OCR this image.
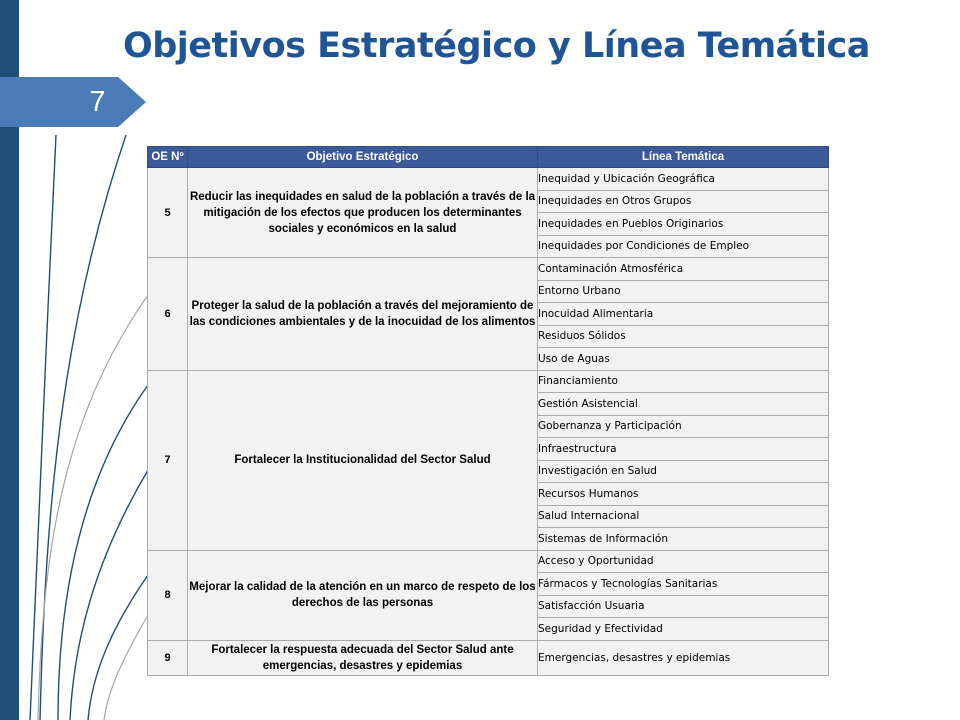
Objetivos Estratégico y Línea Temática
7
OE Nº	Objetivo Estratégico	Línea Temática
5	Reducir las inequidades en salud de la población a través de la mitigación de los efectos que producen los determinantes sociales y económicos en la salud	Inequidad y Ubicación Geográfica
		Inequidades en Otros Grupos
		Inequidades en Pueblos Originarios
		Inequidades por Condiciones de Empleo
6	Proteger la salud de la población a través del mejoramiento de las condiciones ambientales y de la inocuidad de los alimentos	Contaminación Atmosférica
		Entorno Urbano
		Inocuidad Alimentaria
		Residuos Sólidos
		Uso de Aguas
7	Fortalecer la Institucionalidad del Sector Salud	Financiamiento
		Gestión Asistencial
		Gobernanza y Participación
		Infraestructura
		Investigación en Salud
		Recursos Humanos
		Salud Internacional
		Sistemas de Información
8	Mejorar la calidad de la atención en un marco de respeto de los derechos de las personas	Acceso y Oportunidad
		Fármacos y Tecnologías Sanitarias
		Satisfacción Usuaria
		Seguridad y Efectividad
9	Fortalecer la respuesta adecuada del Sector Salud ante emergencias, desastres y epidemias	Emergencias, desastres y epidemias
